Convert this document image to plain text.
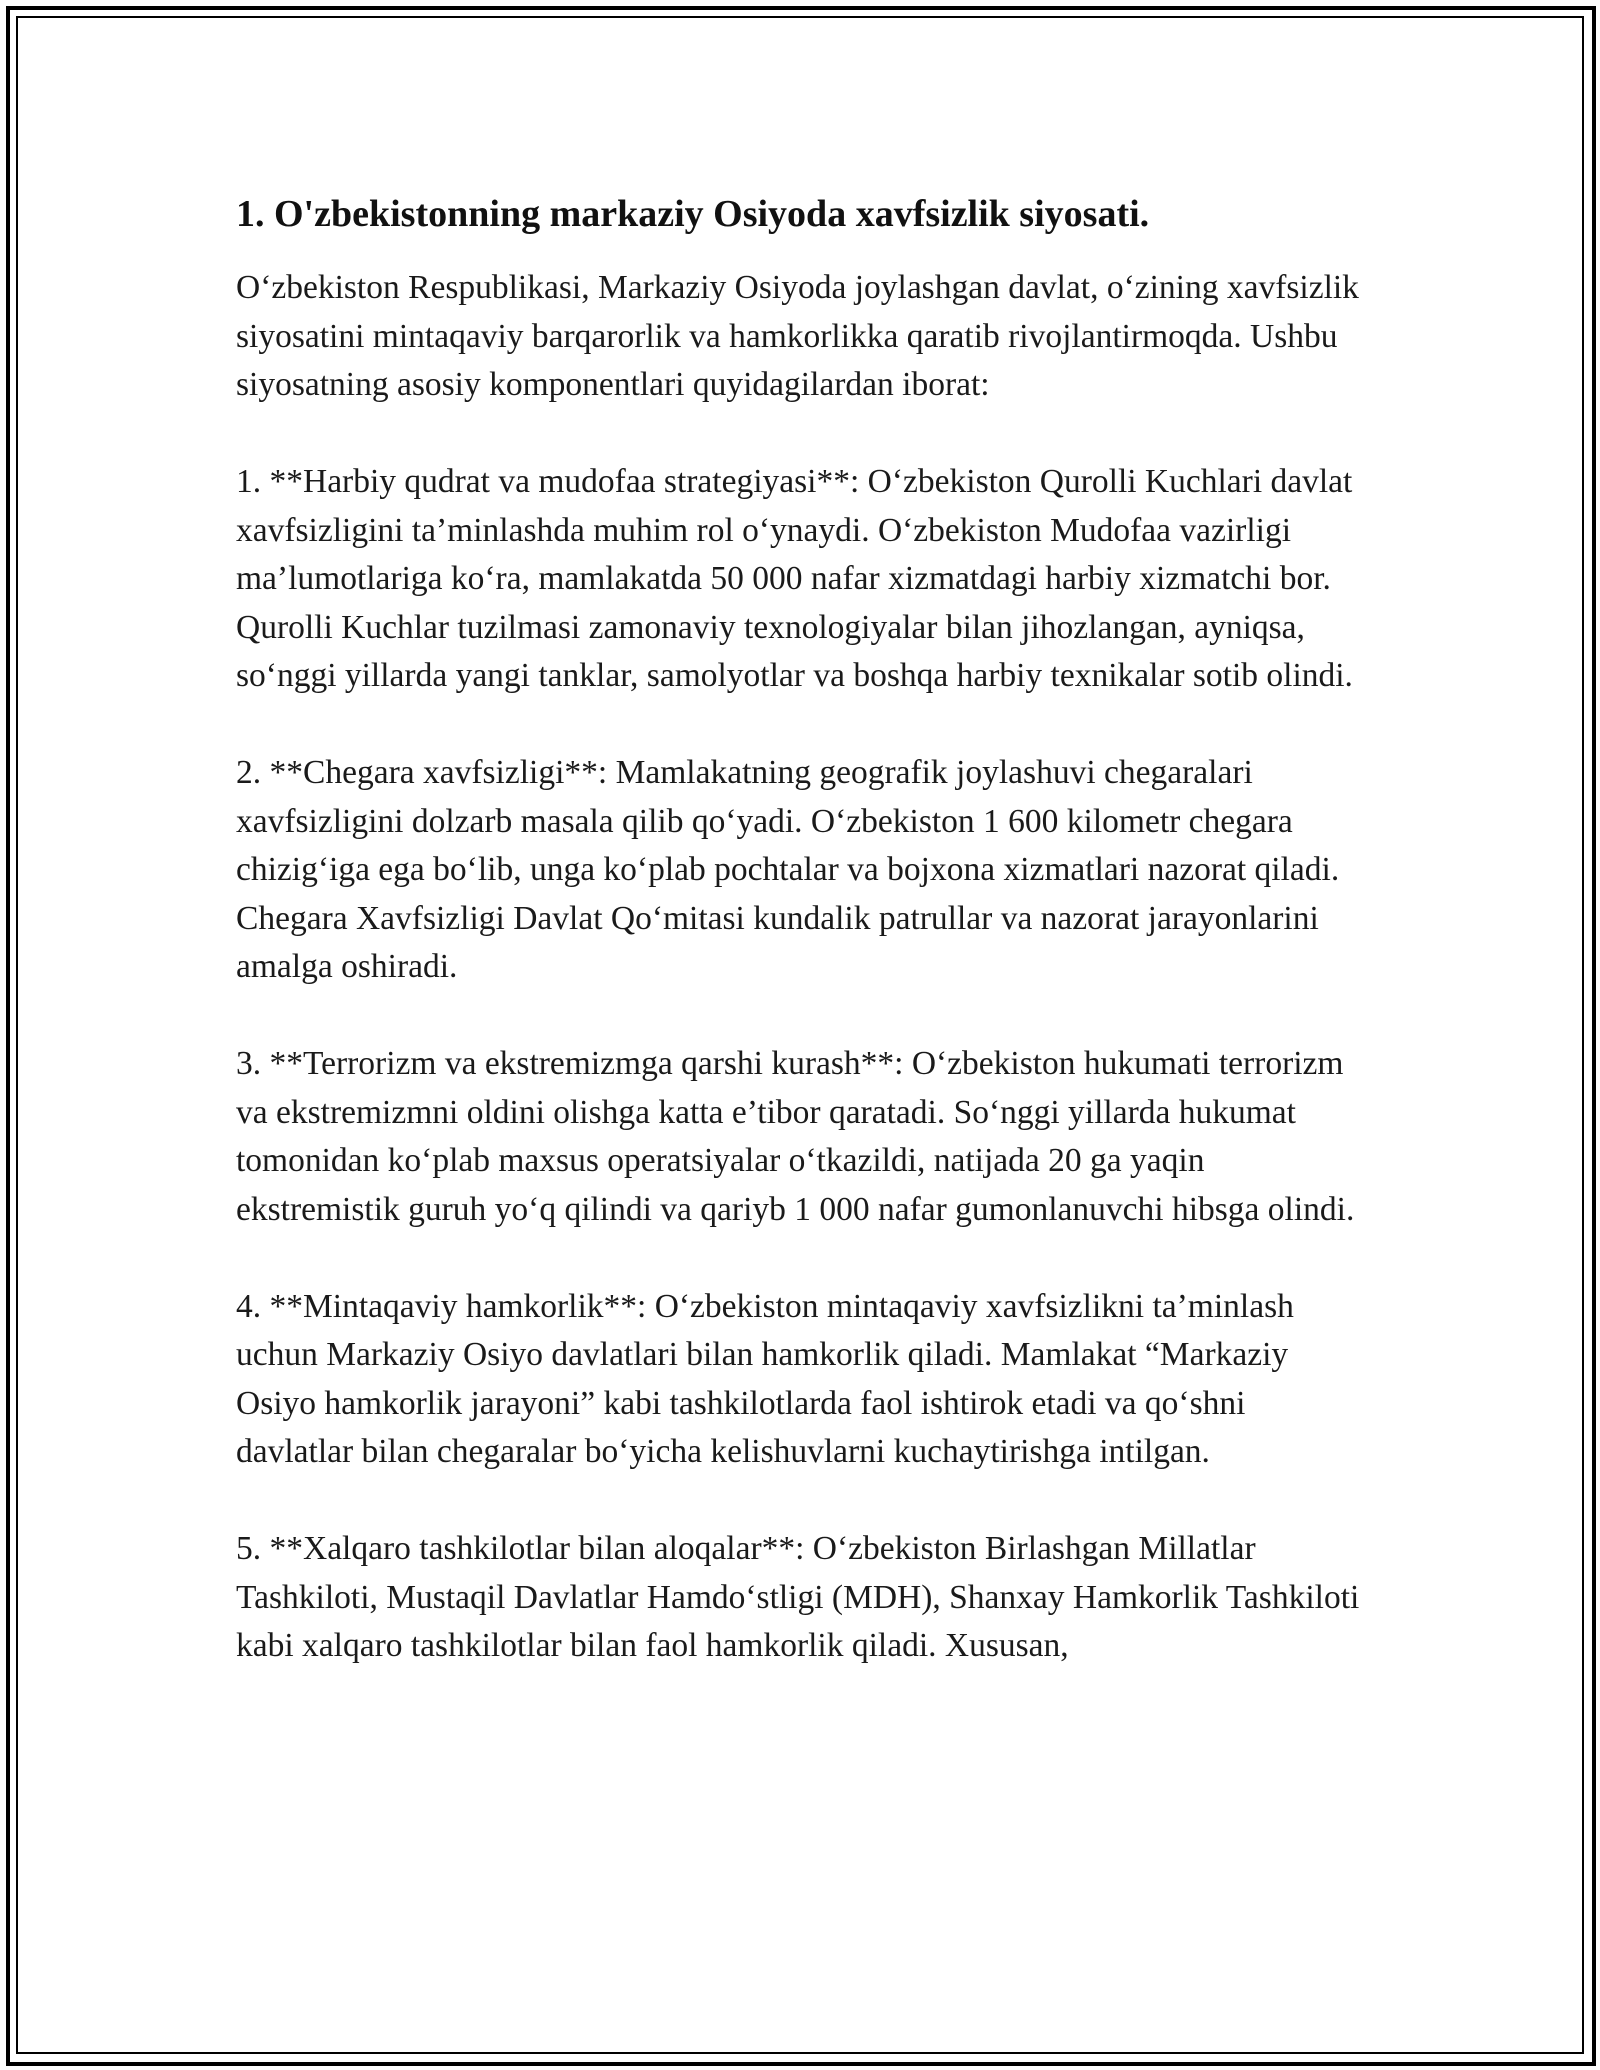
1. O'zbekistonning markaziy Osiyoda xavfsizlik siyosati.

O‘zbekiston Respublikasi, Markaziy Osiyoda joylashgan davlat, o‘zining xavfsizlik siyosatini mintaqaviy barqarorlik va hamkorlikka qaratib rivojlantirmoqda. Ushbu siyosatning asosiy komponentlari quyidagilardan iborat:

1. **Harbiy qudrat va mudofaa strategiyasi**: O‘zbekiston Qurolli Kuchlari davlat xavfsizligini ta’minlashda muhim rol o‘ynaydi. O‘zbekiston Mudofaa vazirligi ma’lumotlariga ko‘ra, mamlakatda 50 000 nafar xizmatdagi harbiy xizmatchi bor. Qurolli Kuchlar tuzilmasi zamonaviy texnologiyalar bilan jihozlangan, ayniqsa, so‘nggi yillarda yangi tanklar, samolyotlar va boshqa harbiy texnikalar sotib olindi.

2. **Chegara xavfsizligi**: Mamlakatning geografik joylashuvi chegaralari xavfsizligini dolzarb masala qilib qo‘yadi. O‘zbekiston 1 600 kilometr chegara chizig‘iga ega bo‘lib, unga ko‘plab pochtalar va bojxona xizmatlari nazorat qiladi. Chegara Xavfsizligi Davlat Qo‘mitasi kundalik patrullar va nazorat jarayonlarini amalga oshiradi.

3. **Terrorizm va ekstremizmga qarshi kurash**: O‘zbekiston hukumati terrorizm va ekstremizmni oldini olishga katta e’tibor qaratadi. So‘nggi yillarda hukumat tomonidan ko‘plab maxsus operatsiyalar o‘tkazildi, natijada 20 ga yaqin ekstremistik guruh yo‘q qilindi va qariyb 1 000 nafar gumonlanuvchi hibsga olindi.

4. **Mintaqaviy hamkorlik**: O‘zbekiston mintaqaviy xavfsizlikni ta’minlash uchun Markaziy Osiyo davlatlari bilan hamkorlik qiladi. Mamlakat “Markaziy Osiyo hamkorlik jarayoni” kabi tashkilotlarda faol ishtirok etadi va qo‘shni davlatlar bilan chegaralar bo‘yicha kelishuvlarni kuchaytirishga intilgan.

5. **Xalqaro tashkilotlar bilan aloqalar**: O‘zbekiston Birlashgan Millatlar Tashkiloti, Mustaqil Davlatlar Hamdo‘stligi (MDH), Shanxay Hamkorlik Tashkiloti kabi xalqaro tashkilotlar bilan faol hamkorlik qiladi. Xususan,
